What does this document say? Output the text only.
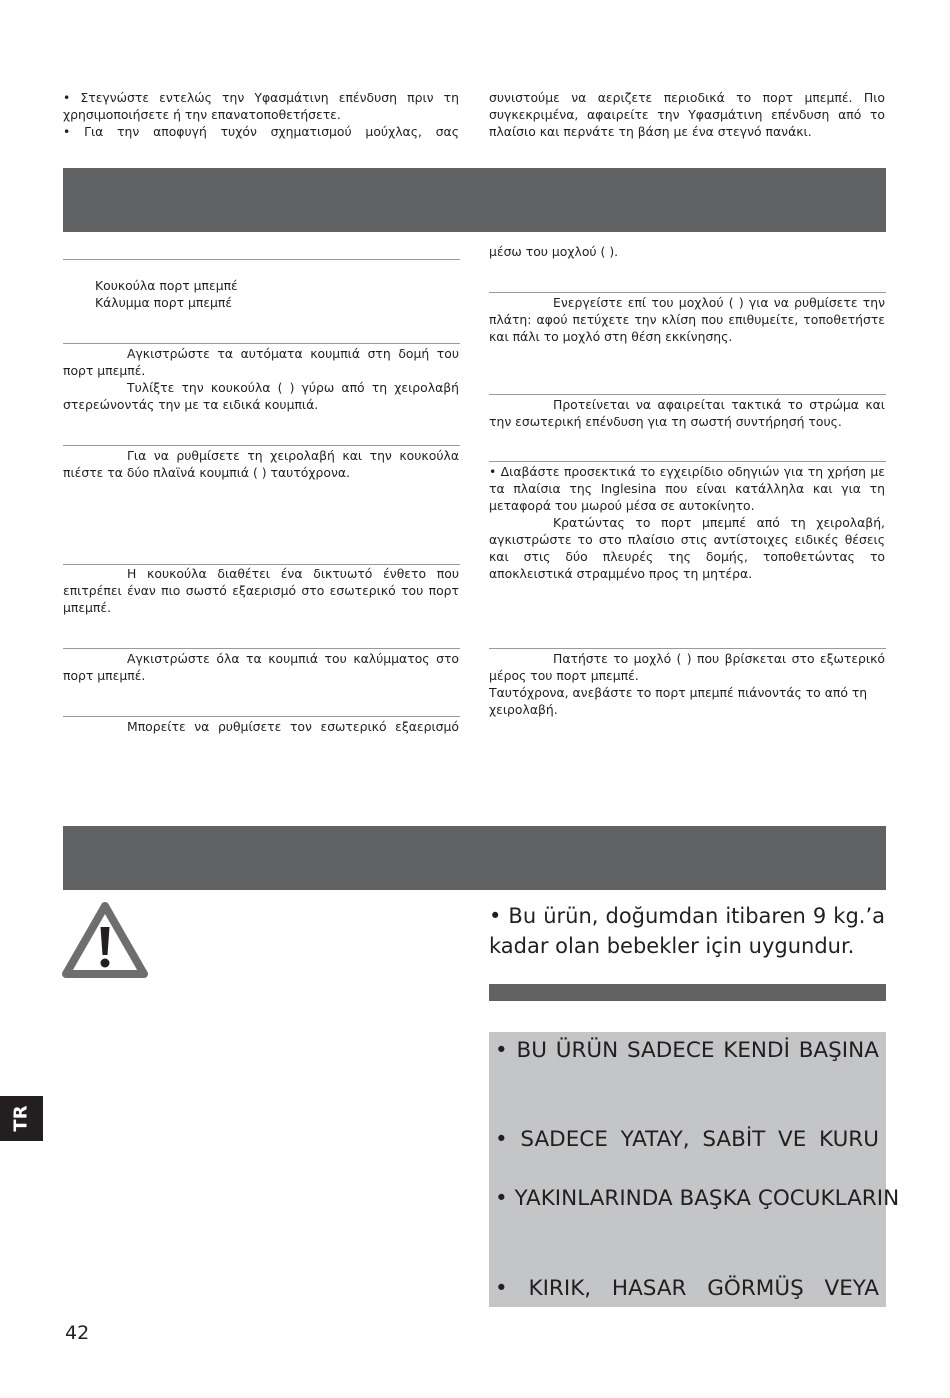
• Στεγνώστε εντελώς την Υφασμάτινη επένδυση πριν τη χρησιμοποιήσετε ή την επανατοποθετήσετε.

• Για την αποφυγή τυχόν σχηματισμού μούχλας, σας

συνιστούμε να αεριζετε περιοδικά το πορτ μπεμπέ. Πιο συγκεκριμένα, αφαιρείτε την Υφασμάτινη επένδυση από το πλαίσιο και περνάτε τη βάση με ένα στεγνό πανάκι.

Κουκούλα πορτ μπεμπέ

Κάλυμμα πορτ μπεμπέ

Αγκιστρώστε τα αυτόματα κουμπιά στη δομή του πορτ μπεμπέ.

Τυλίξτε την κουκούλα ( ) γύρω από τη χειρολαβή στερεώνοντάς την με τα ειδικά κουμπιά.

Για να ρυθμίσετε τη χειρολαβή και την κουκούλα πιέστε τα δύο πλαϊνά κουμπιά ( ) ταυτόχρονα.

Η κουκούλα διαθέτει ένα δικτυωτό ένθετο που επιτρέπει έναν πιο σωστό εξαερισμό στο εσωτερικό του πορτ μπεμπέ.

Αγκιστρώστε όλα τα κουμπιά του καλύμματος στο πορτ μπεμπέ.

Μπορείτε να ρυθμίσετε τον εσωτερικό εξαερισμό

μέσω του μοχλού ( ).

Ενεργείστε επί του μοχλού ( ) για να ρυθμίσετε την πλάτη: αφού πετύχετε την κλίση που επιθυμείτε, τοποθετήστε και πάλι το μοχλό στη θέση εκκίνησης.

Προτείνεται να αφαιρείται τακτικά το στρώμα και την εσωτερική επένδυση για τη σωστή συντήρησή τους.

• Διαβάστε προσεκτικά το εγχειρίδιο οδηγιών για τη χρήση με τα πλαίσια της Inglesina που είναι κατάλληλα και για τη μεταφορά του μωρού μέσα σε αυτοκίνητο.

Κρατώντας το πορτ μπεμπέ από τη χειρολαβή, αγκιστρώστε το στο πλαίσιο στις αντίστοιχες ειδικές θέσεις και στις δύο πλευρές της δομής, τοποθετώντας το αποκλειστικά στραμμένο προς τη μητέρα.

Πατήστε το μοχλό ( ) που βρίσκεται στο εξωτερικό μέρος του πορτ μπεμπέ.

Ταυτόχρονα, ανεβάστε το πορτ μπεμπέ πιάνοντάς το από τη χειρολαβή.

• Bu ürün, doğumdan itibaren 9 kg.’a kadar olan bebekler için uygundur.

• BU ÜRÜN SADECE KENDİ BAŞINA
• SADECE YATAY, SABİT VE KURU
• YAKINLARINDA BAŞKA ÇOCUKLARIN
• KIRIK, HASAR GÖRMÜŞ VEYA
TR
42
